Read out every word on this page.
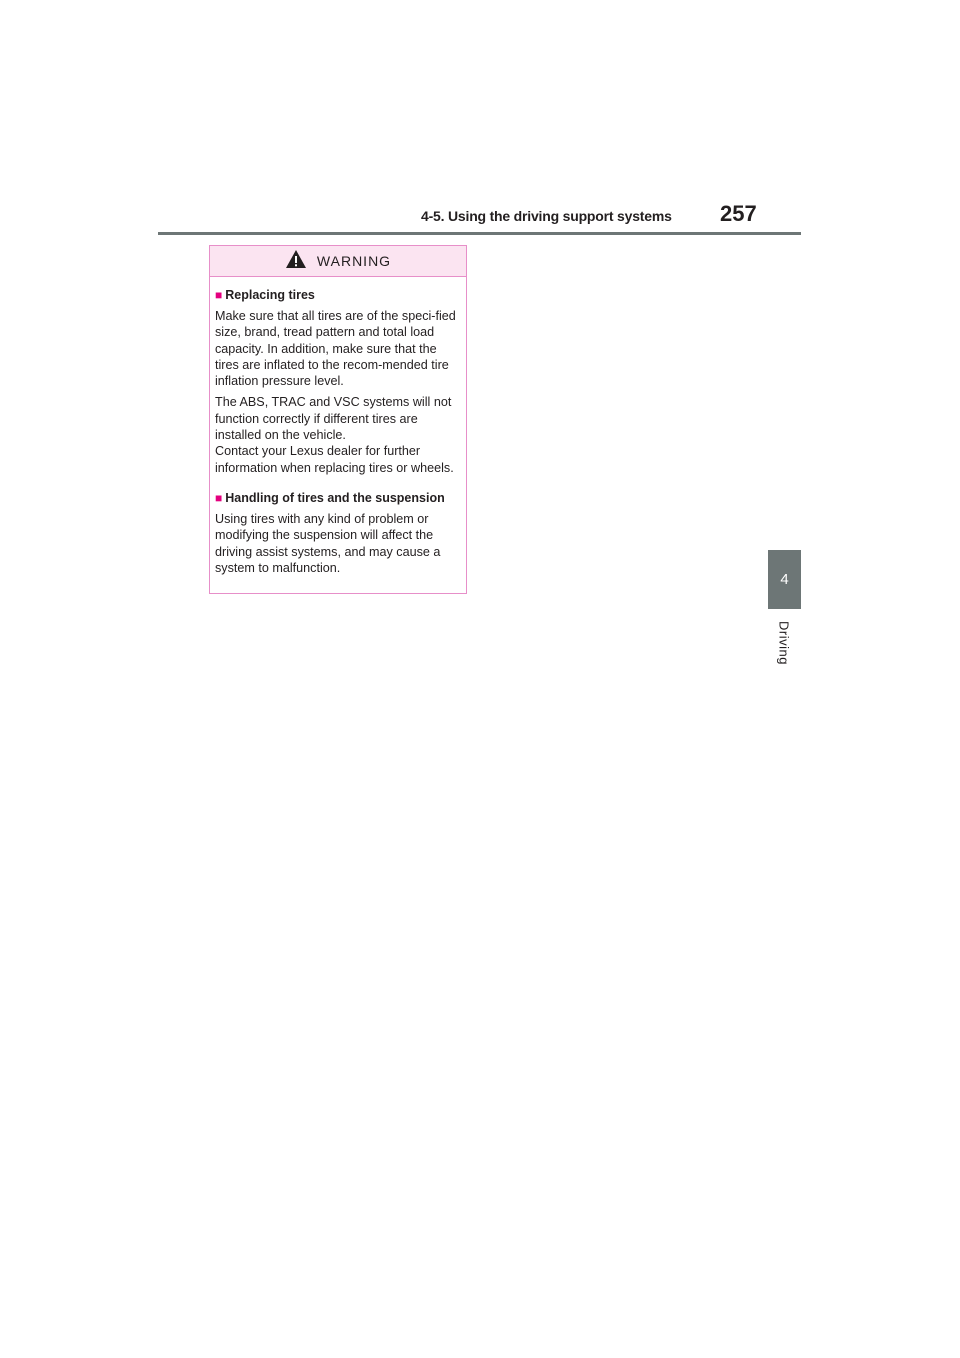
4-5. Using the driving support systems 257
4
Driving
WARNING
■ Replacing tires

Make sure that all tires are of the speci-fied size, brand, tread pattern and total load capacity. In addition, make sure that the tires are inflated to the recom-mended tire inflation pressure level.

The ABS, TRAC and VSC systems will not function correctly if different tires are installed on the vehicle.

Contact your Lexus dealer for further information when replacing tires or wheels.

■ Handling of tires and the suspension

Using tires with any kind of problem or modifying the suspension will affect the driving assist systems, and may cause a system to malfunction.
